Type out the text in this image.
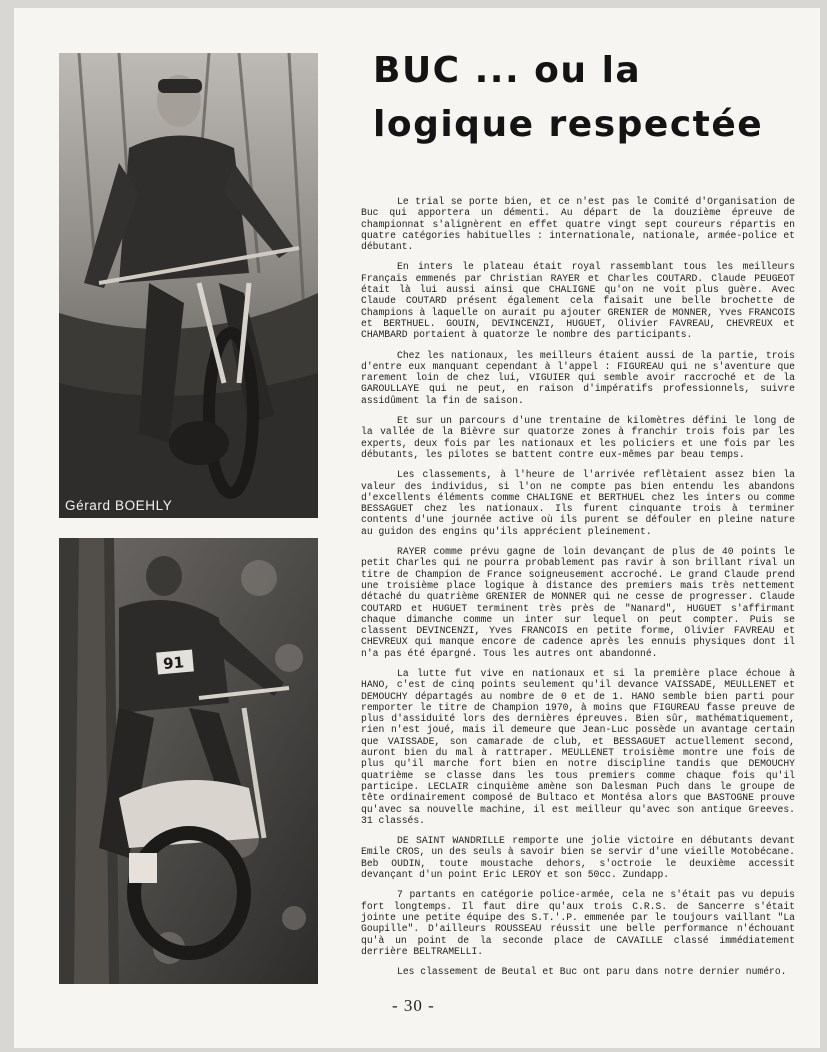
Gérard BOEHLY
91
BUC ... ou la
logique respectée

Le trial se porte bien, et ce n'est pas le Comité d'Organisation de Buc qui apportera un démenti. Au départ de la douzième épreuve de championnat s'alignèrent en effet quatre vingt sept coureurs répartis en quatre catégories habituelles : internationale, nationale, armée-police et débutant.

En inters le plateau était royal rassemblant tous les meilleurs Français emmenés par Christian RAYER et Charles COUTARD. Claude PEUGEOT était là lui aussi ainsi que CHALIGNE qu'on ne voit plus guère. Avec Claude COUTARD présent également cela faisait une belle brochette de Champions à laquelle on aurait pu ajouter GRENIER de MONNER, Yves FRANCOIS et BERTHUEL. GOUIN, DEVINCENZI, HUGUET, Olivier FAVREAU, CHEVREUX et CHAMBARD portaient à quatorze le nombre des participants.

Chez les nationaux, les meilleurs étaient aussi de la partie, trois d'entre eux manquant cependant à l'appel : FIGUREAU qui ne s'aventure que rarement loin de chez lui, VIGUIER qui semble avoir raccroché et de la GAROULLAYE qui ne peut, en raison d'impératifs professionnels, suivre assidûment la fin de saison.

Et sur un parcours d'une trentaine de kilomètres défini le long de la vallée de la Bièvre sur quatorze zones à franchir trois fois par les experts, deux fois par les nationaux et les policiers et une fois par les débutants, les pilotes se battent contre eux-mêmes par beau temps.

Les classements, à l'heure de l'arrivée reflètaient assez bien la valeur des individus, si l'on ne compte pas bien entendu les abandons d'excellents éléments comme CHALIGNE et BERTHUEL chez les inters ou comme BESSAGUET chez les nationaux. Ils furent cinquante trois à terminer contents d'une journée active où ils purent se défouler en pleine nature au guidon des engins qu'ils apprécient pleinement.

RAYER comme prévu gagne de loin devançant de plus de 40 points le petit Charles qui ne pourra probablement pas ravir à son brillant rival un titre de Champion de France soigneusement accroché. Le grand Claude prend une troisième place logique à distance des premiers mais très nettement détaché du quatrième GRENIER de MONNER qui ne cesse de progresser. Claude COUTARD et HUGUET terminent très près de "Nanard", HUGUET s'affirmant chaque dimanche comme un inter sur lequel on peut compter. Puis se classent DEVINCENZI, Yves FRANCOIS en petite forme, Olivier FAVREAU et CHEVREUX qui manque encore de cadence après les ennuis physiques dont il n'a pas été épargné. Tous les autres ont abandonné.

La lutte fut vive en nationaux et si la première place échoue à HANO, c'est de cinq points seulement qu'il devance VAISSADE, MEULLENET et DEMOUCHY départagés au nombre de 0 et de 1. HANO semble bien parti pour remporter le titre de Champion 1970, à moins que FIGUREAU fasse preuve de plus d'assiduité lors des dernières épreuves. Bien sûr, mathématiquement, rien n'est joué, mais il demeure que Jean-Luc possède un avantage certain que VAISSADE, son camarade de club, et BESSAGUET actuellement second, auront bien du mal à rattraper. MEULLENET troisième montre une fois de plus qu'il marche fort bien en notre discipline tandis que DEMOUCHY quatrième se classe dans les tous premiers comme chaque fois qu'il participe. LECLAIR cinquième amène son Dalesman Puch dans le groupe de tête ordinairement composé de Bultaco et Montésa alors que BASTOGNE prouve qu'avec sa nouvelle machine, il est meilleur qu'avec son antique Greeves. 31 classés.

DE SAINT WANDRILLE remporte une jolie victoire en débutants devant Emile CROS, un des seuls à savoir bien se servir d'une vieille Motobécane. Beb OUDIN, toute moustache dehors, s'octroie le deuxième accessit devançant d'un point Eric LEROY et son 50cc. Zundapp.

7 partants en catégorie police-armée, cela ne s'était pas vu depuis fort longtemps. Il faut dire qu'aux trois C.R.S. de Sancerre s'était jointe une petite équipe des S.T.'.P. emmenée par le toujours vaillant "La Goupille". D'ailleurs ROUSSEAU réussit une belle performance n'échouant qu'à un point de la seconde place de CAVAILLE classé immédiatement derrière BELTRAMELLI.

Les classement de Beutal et Buc ont paru dans notre dernier numéro.

- 30 -
